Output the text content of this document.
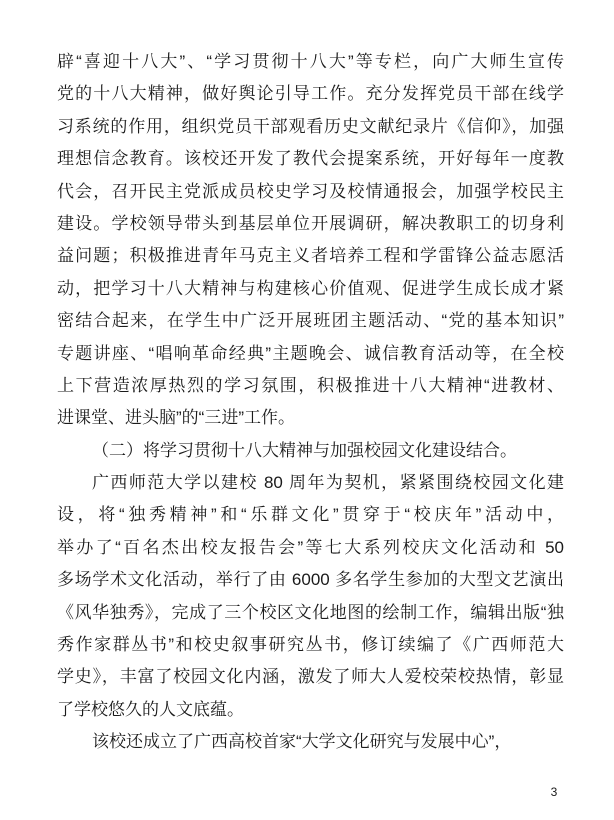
辟“喜迎十八大”、“学习贯彻十八大”等专栏，向广大师生宣传
党的十八大精神，做好舆论引导工作。充分发挥党员干部在线学
习系统的作用，组织党员干部观看历史文献纪录片《信仰》，加强
理想信念教育。该校还开发了教代会提案系统，开好每年一度教
代会，召开民主党派成员校史学习及校情通报会，加强学校民主
建设。学校领导带头到基层单位开展调研，解决教职工的切身利
益问题；积极推进青年马克主义者培养工程和学雷锋公益志愿活
动，把学习十八大精神与构建核心价值观、促进学生成长成才紧
密结合起来，在学生中广泛开展班团主题活动、“党的基本知识”
专题讲座、“唱响革命经典”主题晚会、诚信教育活动等，在全校
上下营造浓厚热烈的学习氛围，积极推进十八大精神“进教材、
进课堂、进头脑”的“三进”工作。
（二）将学习贯彻十八大精神与加强校园文化建设结合。
广西师范大学以建校 80 周年为契机，紧紧围绕校园文化建
设，将“独秀精神”和“乐群文化”贯穿于“校庆年”活动中，
举办了“百名杰出校友报告会”等七大系列校庆文化活动和 50
多场学术文化活动，举行了由 6000 多名学生参加的大型文艺演出
《风华独秀》，完成了三个校区文化地图的绘制工作，编辑出版“独
秀作家群丛书”和校史叙事研究丛书，修订续编了《广西师范大
学史》，丰富了校园文化内涵，激发了师大人爱校荣校热情，彰显
了学校悠久的人文底蕴。
该校还成立了广西高校首家“大学文化研究与发展中心”，
3
